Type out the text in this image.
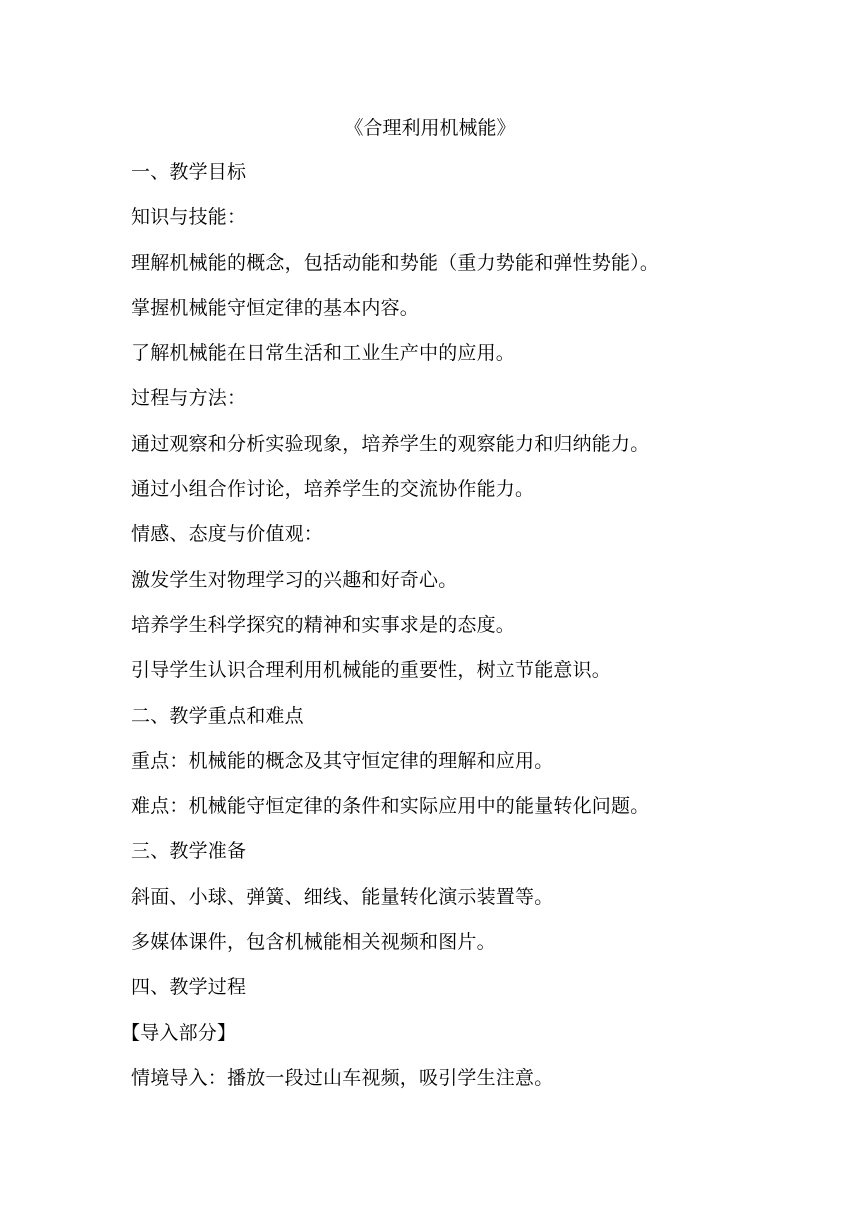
《合理利用机械能》
一、教学目标
知识与技能：
理解机械能的概念，包括动能和势能（重力势能和弹性势能）。
掌握机械能守恒定律的基本内容。
了解机械能在日常生活和工业生产中的应用。
过程与方法：
通过观察和分析实验现象，培养学生的观察能力和归纳能力。
通过小组合作讨论，培养学生的交流协作能力。
情感、态度与价值观：
激发学生对物理学习的兴趣和好奇心。
培养学生科学探究的精神和实事求是的态度。
引导学生认识合理利用机械能的重要性，树立节能意识。
二、教学重点和难点
重点：机械能的概念及其守恒定律的理解和应用。
难点：机械能守恒定律的条件和实际应用中的能量转化问题。
三、教学准备
斜面、小球、弹簧、细线、能量转化演示装置等。
多媒体课件，包含机械能相关视频和图片。
四、教学过程
【导入部分】
情境导入：播放一段过山车视频，吸引学生注意。
